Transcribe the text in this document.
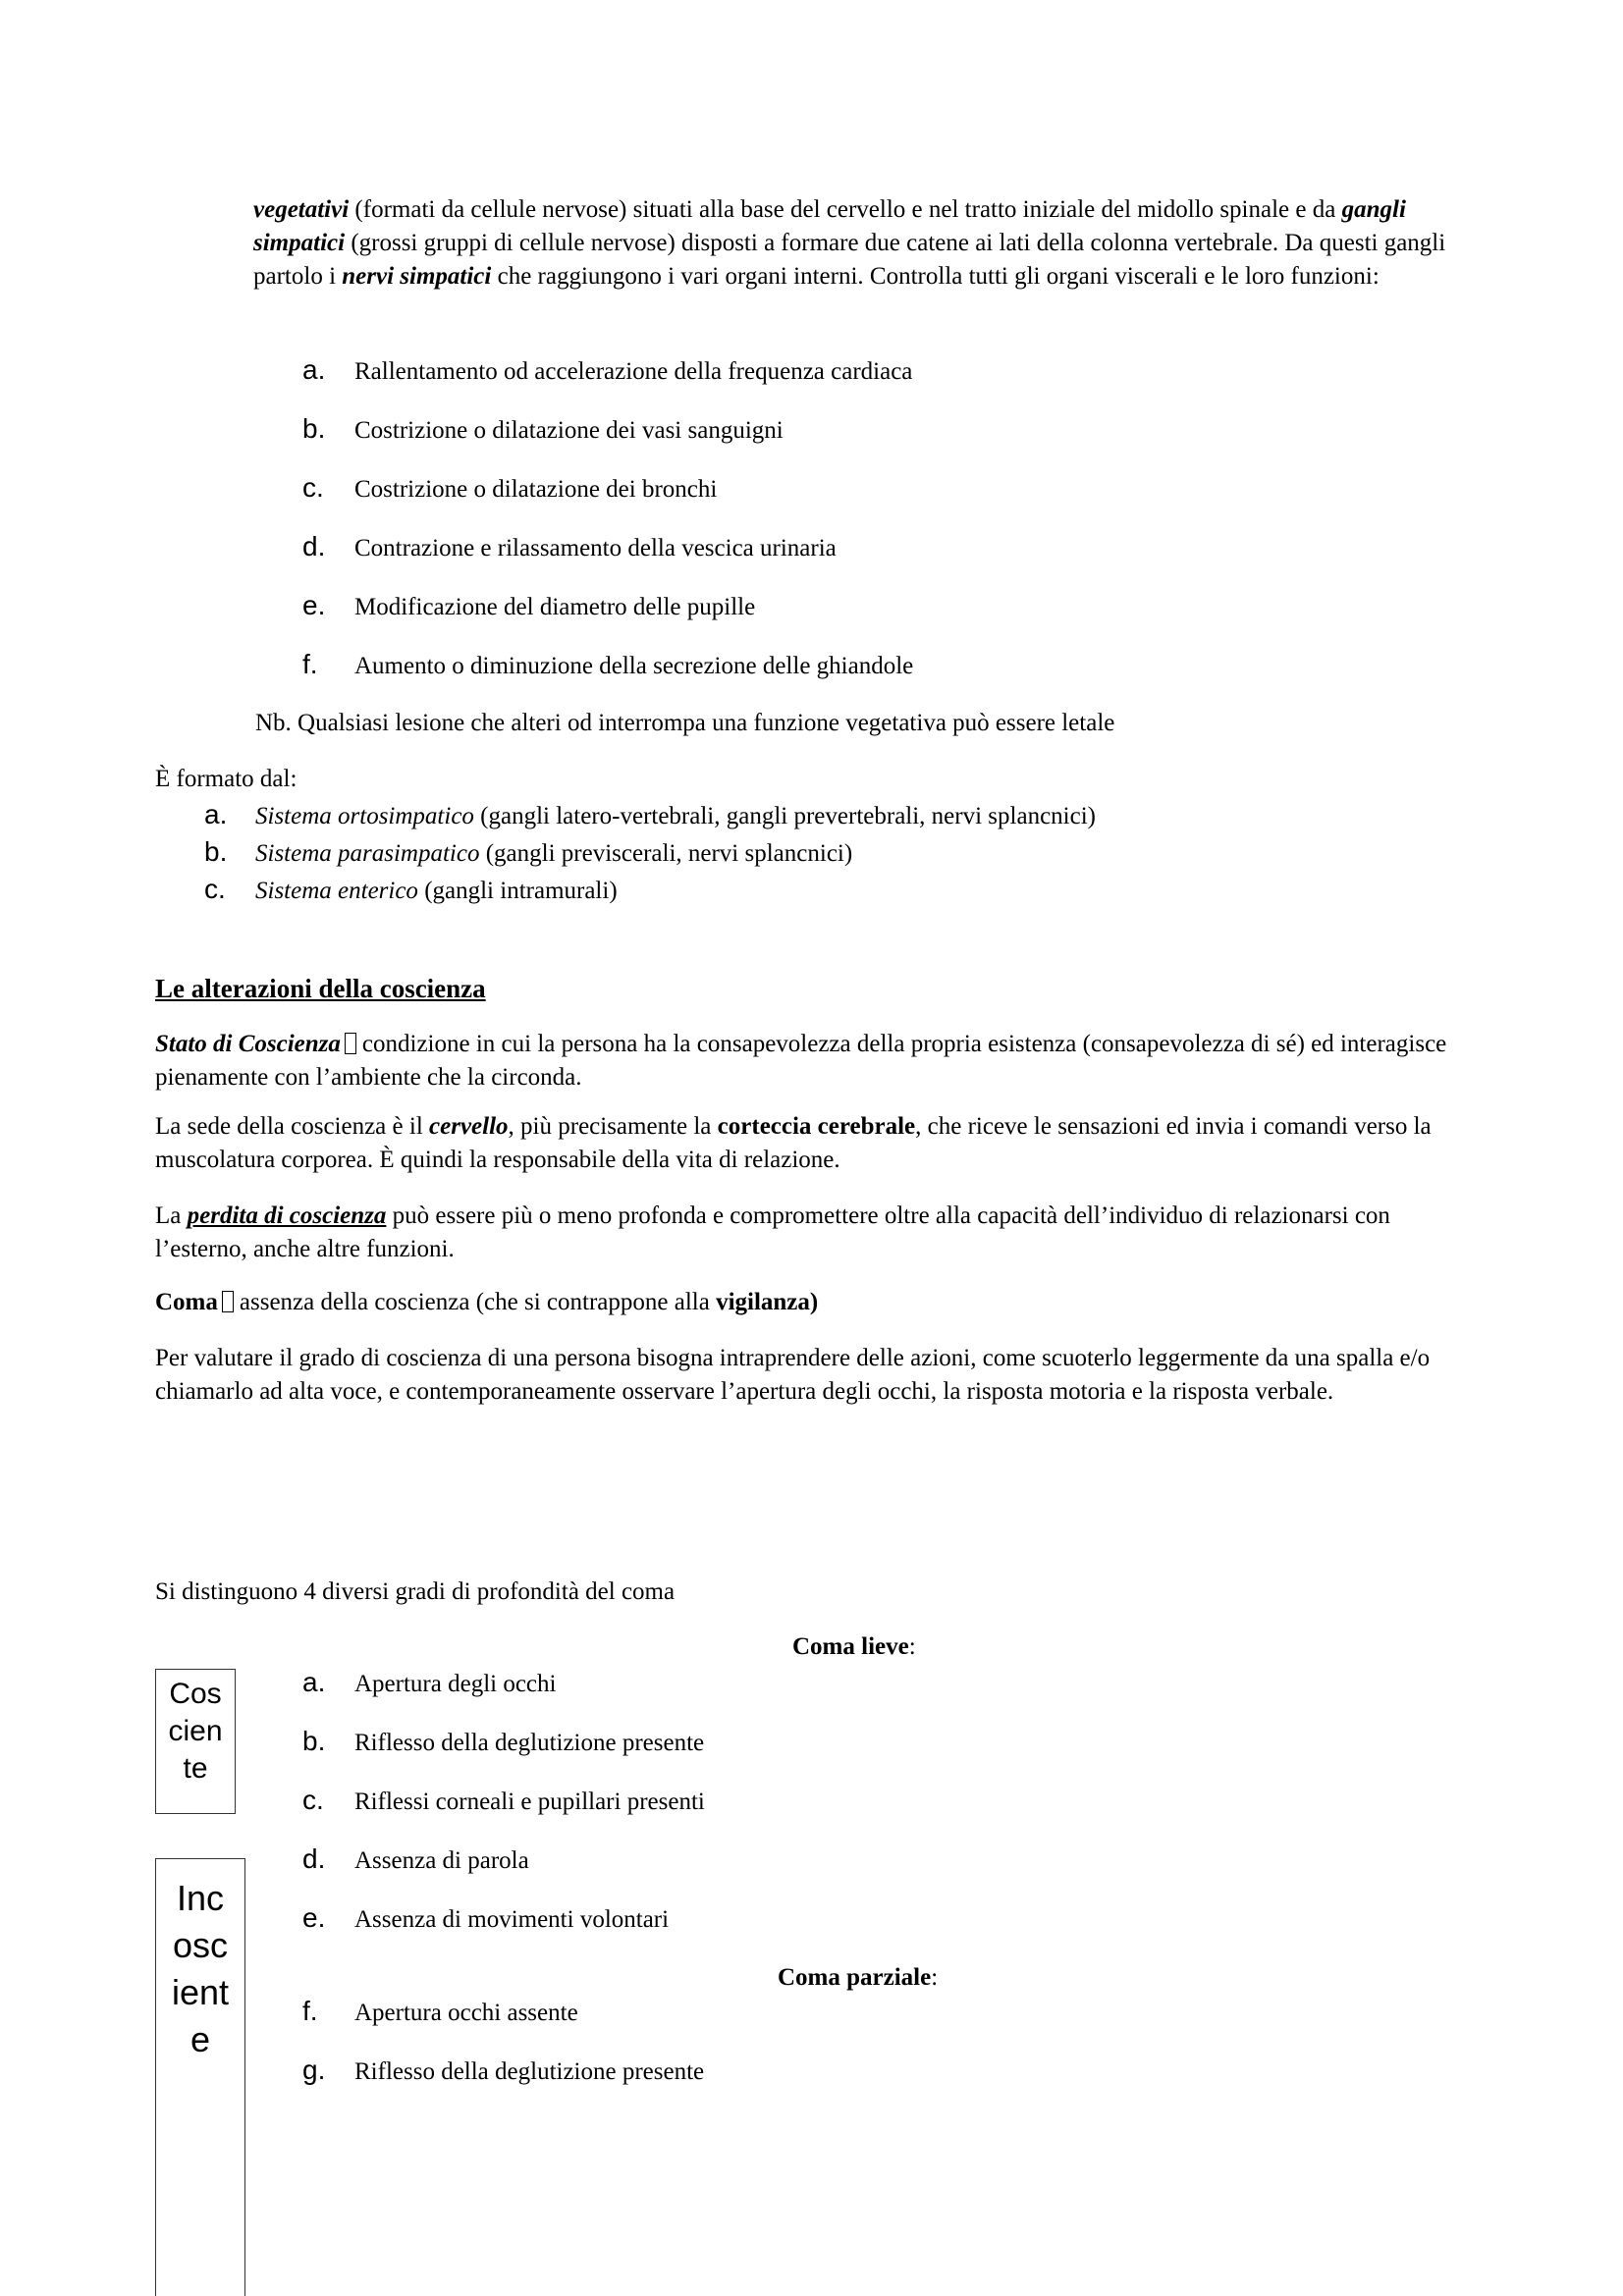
vegetativi (formati da cellule nervose) situati alla base del cervello e nel tratto iniziale del midollo spinale e da gangli simpatici (grossi gruppi di cellule nervose) disposti a formare due catene ai lati della colonna vertebrale. Da questi gangli partolo i nervi simpatici che raggiungono i vari organi interni. Controlla tutti gli organi viscerali e le loro funzioni:
a. Rallentamento od accelerazione della frequenza cardiaca
b. Costrizione o dilatazione dei vasi sanguigni
c. Costrizione o dilatazione dei bronchi
d. Contrazione e rilassamento della vescica urinaria
e. Modificazione del diametro delle pupille
f. Aumento o diminuzione della secrezione delle ghiandole
Nb. Qualsiasi lesione che alteri od interrompa una funzione vegetativa può essere letale
È formato dal:
a. Sistema ortosimpatico (gangli latero-vertebrali, gangli prevertebrali, nervi splancnici)
b. Sistema parasimpatico (gangli previscerali, nervi splancnici)
c. Sistema enterico (gangli intramurali)
Le alterazioni della coscienza
Stato di Coscienza condizione in cui la persona ha la consapevolezza della propria esistenza (consapevolezza di sé) ed interagisce pienamente con l’ambiente che la circonda.
La sede della coscienza è il cervello, più precisamente la corteccia cerebrale, che riceve le sensazioni ed invia i comandi verso la muscolatura corporea. È quindi la responsabile della vita di relazione.
La perdita di coscienza può essere più o meno profonda e compromettere oltre alla capacità dell’individuo di relazionarsi con l’esterno, anche altre funzioni.
Coma assenza della coscienza (che si contrappone alla vigilanza)
Per valutare il grado di coscienza di una persona bisogna intraprendere delle azioni, come scuoterlo leggermente da una spalla e/o chiamarlo ad alta voce, e contemporaneamente osservare l’apertura degli occhi, la risposta motoria e la risposta verbale.
Si distinguono 4 diversi gradi di profondità del coma
Coma lieve:
a. Apertura degli occhi
b. Riflesso della deglutizione presente
c. Riflessi corneali e pupillari presenti
d. Assenza di parola
e. Assenza di movimenti volontari
Coma parziale:
f. Apertura occhi assente
g. Riflesso della deglutizione presente
Cos
cien
te
Inc
osc
ient
e
